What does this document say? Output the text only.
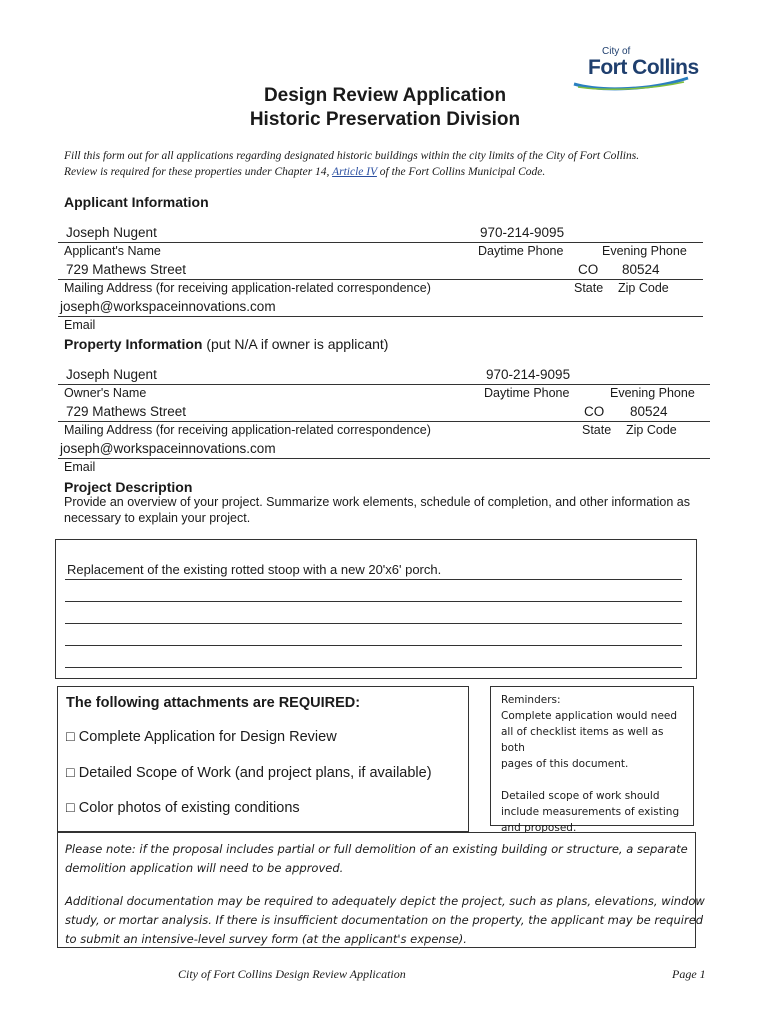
City of
Fort Collins
Design Review Application
Historic Preservation Division
Fill this form out for all applications regarding designated historic buildings within the city limits of the City of Fort Collins.
Review is required for these properties under Chapter 14, Article IV of the Fort Collins Municipal Code.
Applicant Information
Joseph Nugent	970-214-9095
Applicant's Name	Daytime Phone	Evening Phone
729 Mathews Street	CO 80524
Mailing Address (for receiving application-related correspondence)	State Zip Code
joseph@workspaceinnovations.com
Email
Property Information (put N/A if owner is applicant)
Joseph Nugent	970-214-9095
Owner's Name	Daytime Phone	Evening Phone
729 Mathews Street	CO 80524
Mailing Address (for receiving application-related correspondence)	State Zip Code
joseph@workspaceinnovations.com
Email
Project Description
Provide an overview of your project. Summarize work elements, schedule of completion, and other information as
necessary to explain your project.
Replacement of the existing rotted stoop with a new 20'x6' porch.
The following attachments are REQUIRED:
□ Complete Application for Design Review
□ Detailed Scope of Work (and project plans, if available)
□ Color photos of existing conditions
Reminders:
Complete application would need
all of checklist items as well as both
pages of this document.
Detailed scope of work should
include measurements of existing
and proposed.
Please note: if the proposal includes partial or full demolition of an existing building or structure, a separate
demolition application will need to be approved.
Additional documentation may be required to adequately depict the project, such as plans, elevations, window
study, or mortar analysis. If there is insufficient documentation on the property, the applicant may be required
to submit an intensive-level survey form (at the applicant's expense).
City of Fort Collins Design Review Application	Page 1
